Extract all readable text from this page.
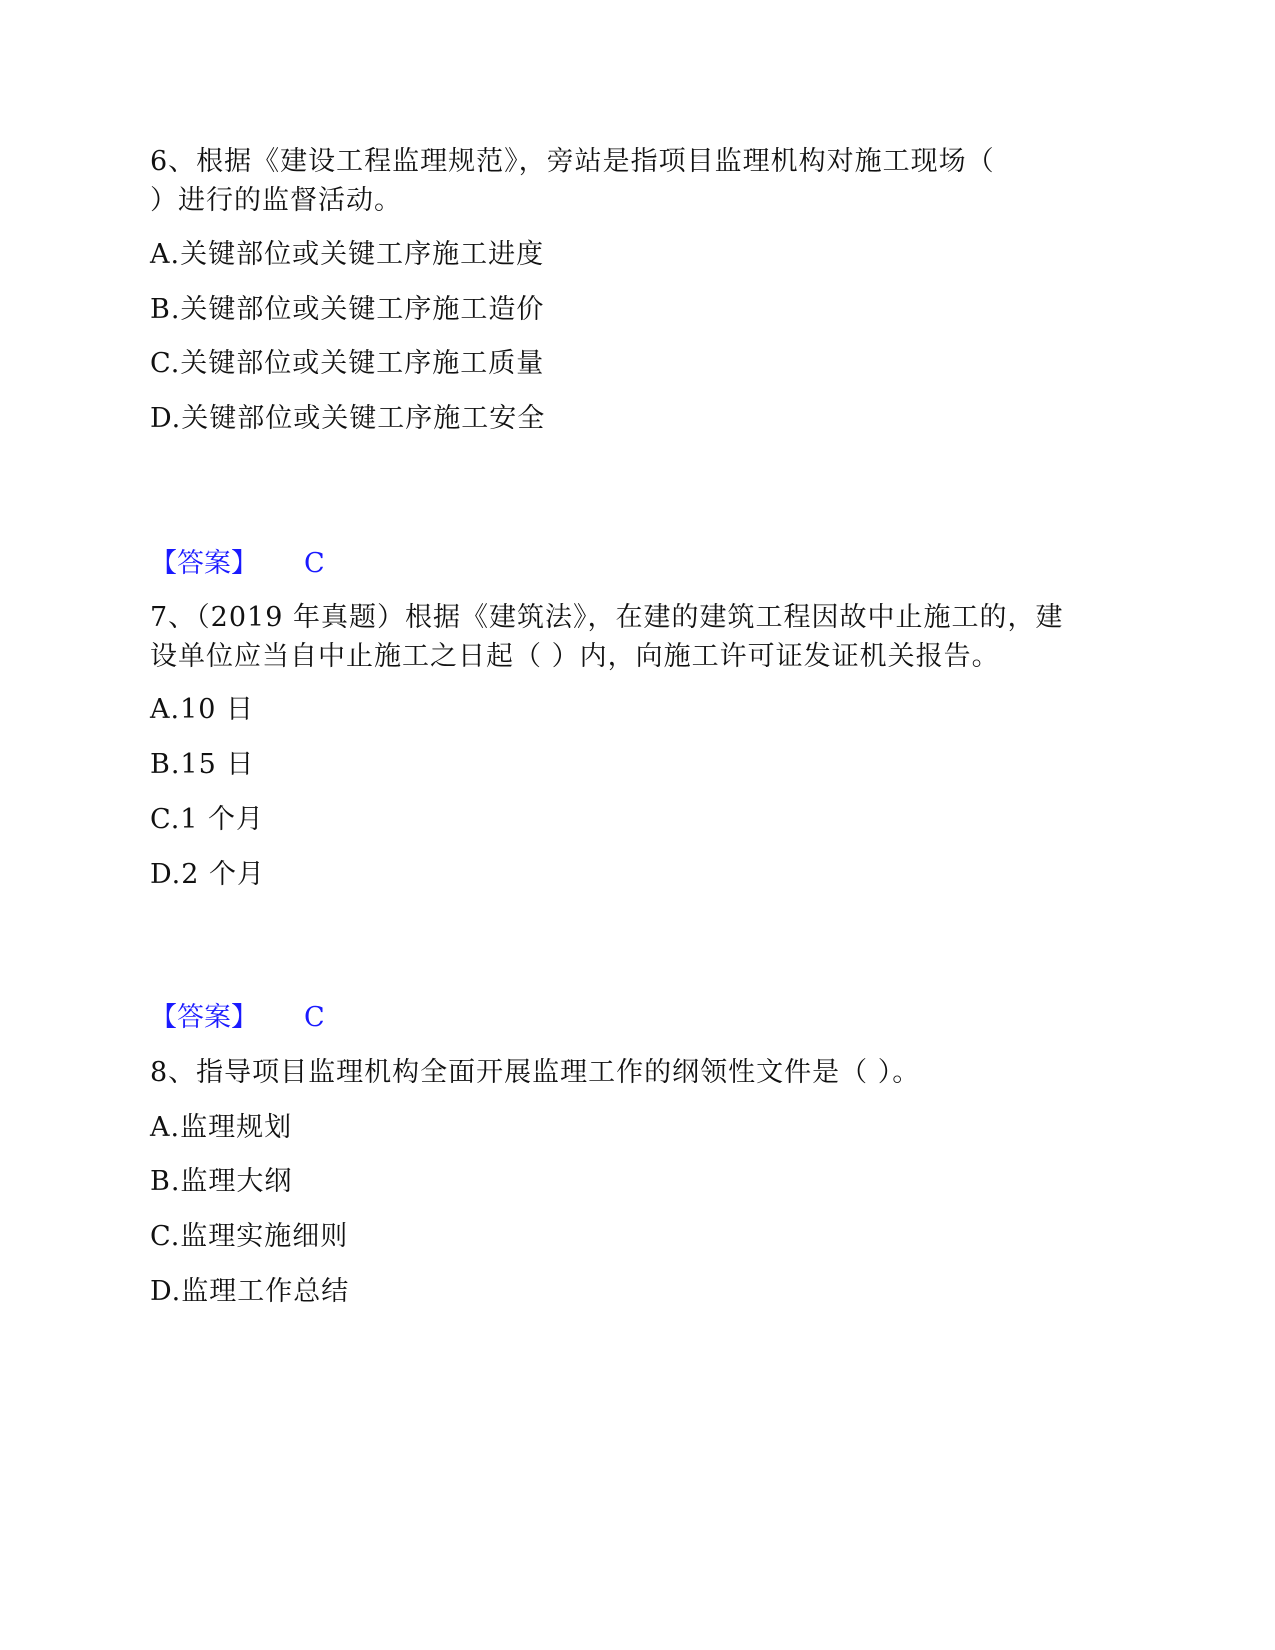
6、根据《建设工程监理规范》，旁站是指项目监理机构对施工现场（
）进行的监督活动。
A.关键部位或关键工序施工进度
B.关键部位或关键工序施工造价
C.关键部位或关键工序施工质量
D.关键部位或关键工序施工安全
【答案】 C
7、（2019 年真题）根据《建筑法》，在建的建筑工程因故中止施工的，建
设单位应当自中止施工之日起（ ）内，向施工许可证发证机关报告。
A.10 日
B.15 日
C.1 个月
D.2 个月
【答案】 C
8、指导项目监理机构全面开展监理工作的纲领性文件是（ ）。
A.监理规划
B.监理大纲
C.监理实施细则
D.监理工作总结
